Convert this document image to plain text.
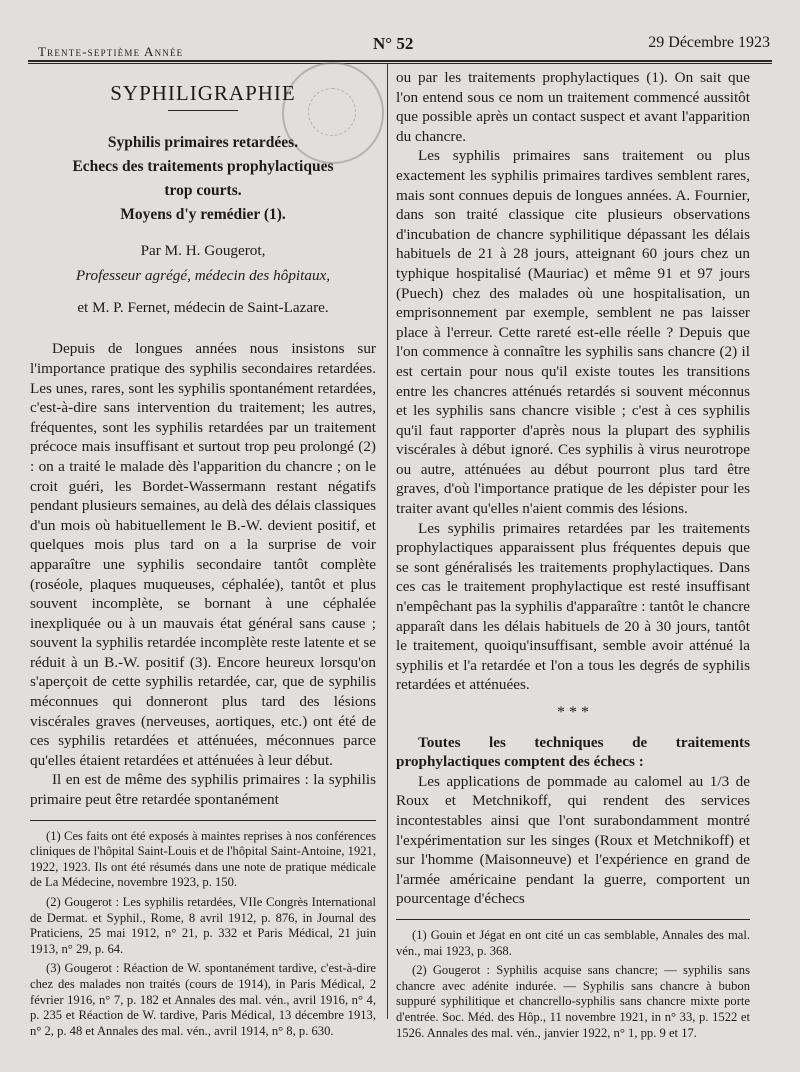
Trente-septième Année	N° 52	29 Décembre 1923
SYPHILIGRAPHIE

Syphilis primaires retardées.
Echecs des traitements prophylactiques
trop courts.
Moyens d'y remédier (1).

Par M. H. Gougerot,

Professeur agrégé, médecin des hôpitaux,

et M. P. Fernet, médecin de Saint-Lazare.

Depuis de longues années nous insistons sur l'importance pratique des syphilis secondaires retardées. Les unes, rares, sont les syphilis spontanément retardées, c'est-à-dire sans intervention du traitement; les autres, fréquentes, sont les syphilis retardées par un traitement précoce mais insuffisant et surtout trop peu prolongé (2) : on a traité le malade dès l'apparition du chancre ; on le croit guéri, les Bordet-Wassermann restant négatifs pendant plusieurs semaines, au delà des délais classiques d'un mois où habituellement le B.-W. devient positif, et quelques mois plus tard on a la surprise de voir apparaître une syphilis secondaire tantôt complète (roséole, plaques muqueuses, céphalée), tantôt et plus souvent incomplète, se bornant à une céphalée inexpliquée ou à un mauvais état général sans cause ; souvent la syphilis retardée incomplète reste latente et se réduit à un B.-W. positif (3). Encore heureux lorsqu'on s'aperçoit de cette syphilis retardée, car, que de syphilis méconnues qui donneront plus tard des lésions viscérales graves (nerveuses, aortiques, etc.) ont été de ces syphilis retardées et atténuées, méconnues parce qu'elles étaient retardées et atténuées à leur début.

Il en est de même des syphilis primaires : la syphilis primaire peut être retardée spontanément

(1) Ces faits ont été exposés à maintes reprises à nos conférences cliniques de l'hôpital Saint-Louis et de l'hôpital Saint-Antoine, 1921, 1922, 1923. Ils ont été résumés dans une note de pratique médicale de La Médecine, novembre 1923, p. 150.

(2) Gougerot : Les syphilis retardées, VIIe Congrès International de Dermat. et Syphil., Rome, 8 avril 1912, p. 876, in Journal des Praticiens, 25 mai 1912, n° 21, p. 332 et Paris Médical, 21 juin 1913, n° 29, p. 64.

(3) Gougerot : Réaction de W. spontanément tardive, c'est-à-dire chez des malades non traités (cours de 1914), in Paris Médical, 2 février 1916, n° 7, p. 182 et Annales des mal. vén., avril 1916, n° 4, p. 235 et Réaction de W. tardive, Paris Médical, 13 décembre 1913, n° 2, p. 48 et Annales des mal. vén., avril 1914, n° 8, p. 630.

ou par les traitements prophylactiques (1). On sait que l'on entend sous ce nom un traitement commencé aussitôt que possible après un contact suspect et avant l'apparition du chancre.

Les syphilis primaires sans traitement ou plus exactement les syphilis primaires tardives semblent rares, mais sont connues depuis de longues années. A. Fournier, dans son traité classique cite plusieurs observations d'incubation de chancre syphilitique dépassant les délais habituels de 21 à 28 jours, atteignant 60 jours chez un typhique hospitalisé (Mauriac) et même 91 et 97 jours (Puech) chez des malades où une hospitalisation, un emprisonnement par exemple, semblent ne pas laisser place à l'erreur. Cette rareté est-elle réelle ? Depuis que l'on commence à connaître les syphilis sans chancre (2) il est certain pour nous qu'il existe toutes les transitions entre les chancres atténués retardés si souvent méconnus et les syphilis sans chancre visible ; c'est à ces syphilis qu'il faut rapporter d'après nous la plupart des syphilis viscérales à début ignoré. Ces syphilis à virus neurotrope ou autre, atténuées au début pourront plus tard être graves, d'où l'importance pratique de les dépister pour les traiter avant qu'elles n'aient commis des lésions.

Les syphilis primaires retardées par les traitements prophylactiques apparaissent plus fréquentes depuis que se sont généralisés les traitements prophylactiques. Dans ces cas le traitement prophylactique est resté insuffisant n'empêchant pas la syphilis d'apparaître : tantôt le chancre apparaît dans les délais habituels de 20 à 30 jours, tantôt le traitement, quoiqu'insuffisant, semble avoir atténué la syphilis et l'a retardée et l'on a tous les degrés de syphilis retardées et atténuées.

* * *

Toutes les techniques de traitements prophylactiques comptent des échecs :

Les applications de pommade au calomel au 1/3 de Roux et Metchnikoff, qui rendent des services incontestables ainsi que l'ont surabondamment montré l'expérimentation sur les singes (Roux et Metchnikoff) et sur l'homme (Maisonneuve) et l'expérience en grand de l'armée américaine pendant la guerre, comportent un pourcentage d'échecs

(1) Gouin et Jégat en ont cité un cas semblable, Annales des mal. vén., mai 1923, p. 368.

(2) Gougerot : Syphilis acquise sans chancre; — syphilis sans chancre avec adénite indurée. — Syphilis sans chancre à bubon suppuré syphilitique et chancrello-syphilis sans chancre mixte porte d'entrée. Soc. Méd. des Hôp., 11 novembre 1921, in n° 33, p. 1522 et 1526. Annales des mal. vén., janvier 1922, n° 1, pp. 9 et 17.
